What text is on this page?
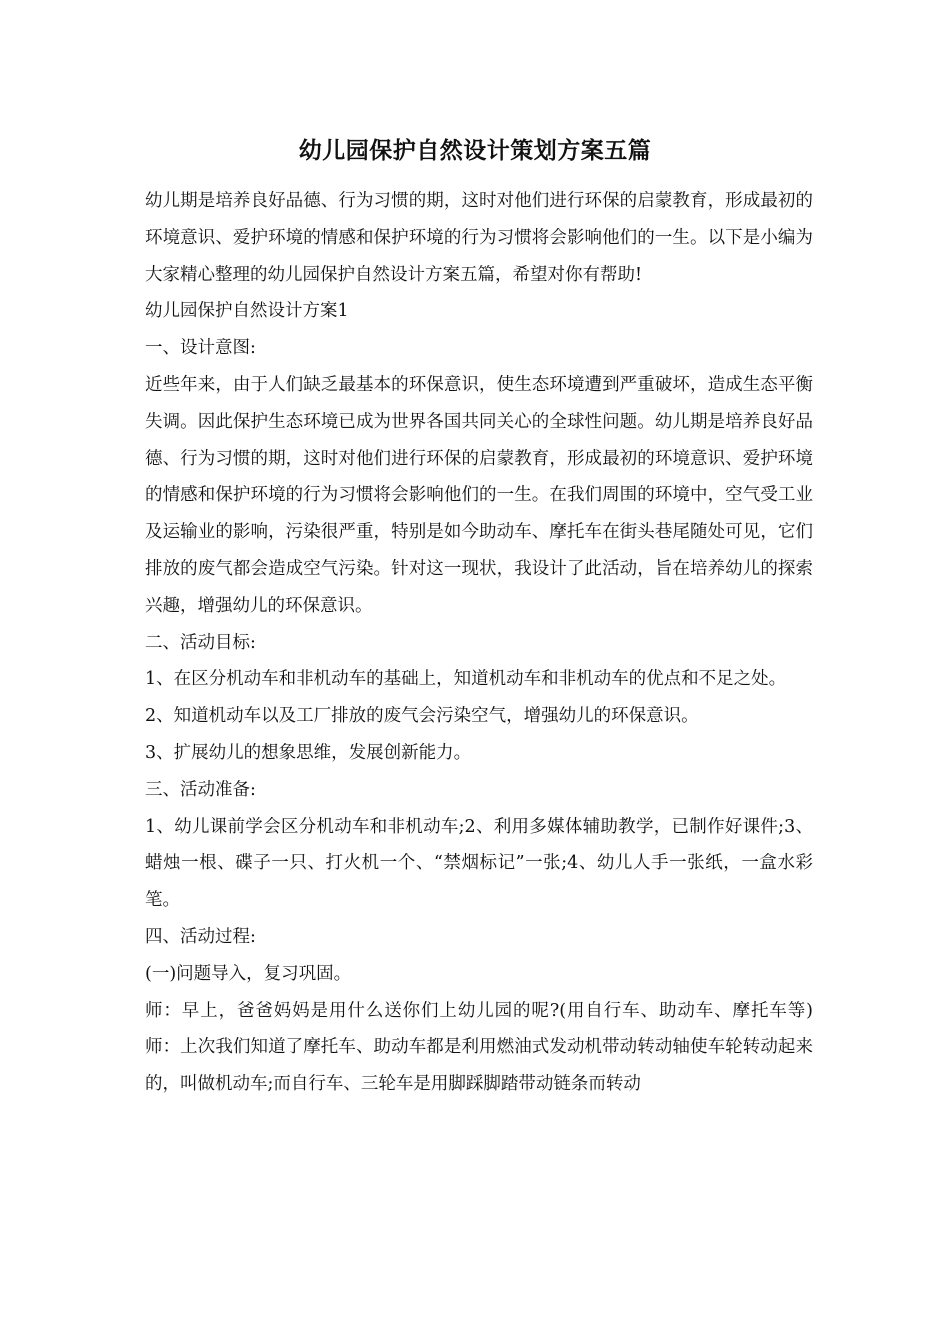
幼儿园保护自然设计策划方案五篇

幼儿期是培养良好品德、行为习惯的期，这时对他们进行环保的启蒙教育，形成最初的环境意识、爱护环境的情感和保护环境的行为习惯将会影响他们的一生。以下是小编为大家精心整理的幼儿园保护自然设计方案五篇，希望对你有帮助!

幼儿园保护自然设计方案1

一、设计意图:

近些年来，由于人们缺乏最基本的环保意识，使生态环境遭到严重破坏，造成生态平衡失调。因此保护生态环境已成为世界各国共同关心的全球性问题。幼儿期是培养良好品德、行为习惯的期，这时对他们进行环保的启蒙教育，形成最初的环境意识、爱护环境的情感和保护环境的行为习惯将会影响他们的一生。在我们周围的环境中，空气受工业及运输业的影响，污染很严重，特别是如今助动车、摩托车在街头巷尾随处可见，它们排放的废气都会造成空气污染。针对这一现状，我设计了此活动，旨在培养幼儿的探索兴趣，增强幼儿的环保意识。

二、活动目标:

1、在区分机动车和非机动车的基础上，知道机动车和非机动车的优点和不足之处。

2、知道机动车以及工厂排放的废气会污染空气，增强幼儿的环保意识。

3、扩展幼儿的想象思维，发展创新能力。

三、活动准备:

1、幼儿课前学会区分机动车和非机动车;2、利用多媒体辅助教学，已制作好课件;3、蜡烛一根、碟子一只、打火机一个、“禁烟标记”一张;4、幼儿人手一张纸，一盒水彩笔。

四、活动过程:

(一)问题导入，复习巩固。

师：早上，爸爸妈妈是用什么送你们上幼儿园的呢?(用自行车、助动车、摩托车等)师：上次我们知道了摩托车、助动车都是利用燃油式发动机带动转动轴使车轮转动起来的，叫做机动车;而自行车、三轮车是用脚踩脚踏带动链条而转动
